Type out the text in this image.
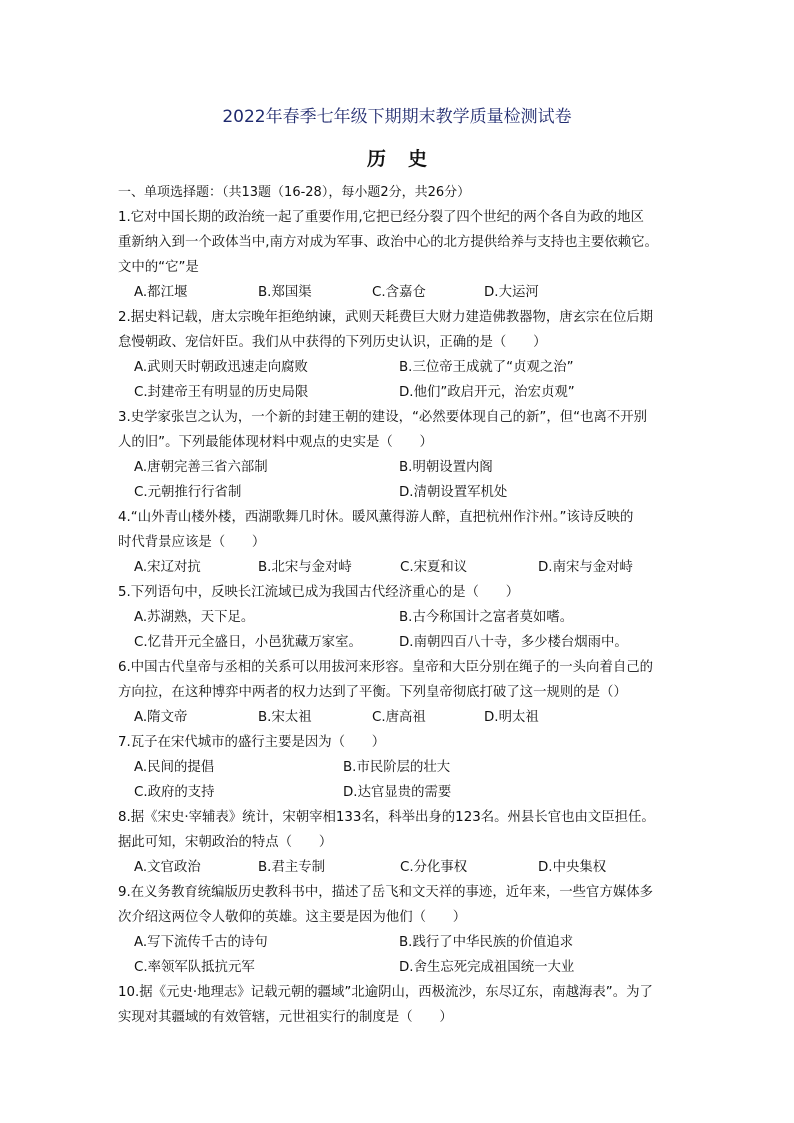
2022年春季七年级下期期末教学质量检测试卷
历史
一、单项选择题：（共13题（16-28），每小题2分，共26分）
1.它对中国长期的政治统一起了重要作用,它把已经分裂了四个世纪的两个各自为政的地区
重新纳入到一个政体当中,南方对成为军事、政治中心的北方提供给养与支持也主要依赖它。
文中的“它”是
A.都江堰	B.郑国渠	C.含嘉仓	D.大运河
2.据史料记载，唐太宗晚年拒绝纳谏，武则天耗费巨大财力建造佛教器物，唐玄宗在位后期
怠慢朝政、宠信奸臣。我们从中获得的下列历史认识，正确的是（　　）
A.武则天时朝政迅速走向腐败	B.三位帝王成就了“贞观之治”
C.封建帝王有明显的历史局限	D.他们”政启开元，治宏贞观”
3.史学家张岂之认为，一个新的封建王朝的建设，“必然要体现自己的新”，但“也离不开别
人的旧”。下列最能体现材料中观点的史实是（　　）
A.唐朝完善三省六部制	B.明朝设置内阁
C.元朝推行行省制	D.清朝设置军机处
4.“山外青山楼外楼，西湖歌舞几时休。暖风薰得游人醉，直把杭州作汴州。”该诗反映的
时代背景应该是（　　）
A.宋辽对抗	B.北宋与金对峙	C.宋夏和议	D.南宋与金对峙
5.下列语句中，反映长江流域已成为我国古代经济重心的是（　　）
A.苏湖熟，天下足。	B.古今称国计之富者莫如嗜。
C.忆昔开元全盛日，小邑犹藏万家室。	D.南朝四百八十寺，多少楼台烟雨中。
6.中国古代皇帝与丞相的关系可以用拔河来形容。皇帝和大臣分别在绳子的一头向着自己的
方向拉，在这种博弈中两者的权力达到了平衡。下列皇帝彻底打破了这一规则的是（）
A.隋文帝	B.宋太祖	C.唐高祖	D.明太祖
7.瓦子在宋代城市的盛行主要是因为（　　）
A.民间的提倡	B.市民阶层的壮大
C.政府的支持	D.达官显贵的需要
8.据《宋史·宰辅表》统计，宋朝宰相133名，科举出身的123名。州县长官也由文臣担任。
据此可知，宋朝政治的特点（　　）
A.文官政治	B.君主专制	C.分化事权	D.中央集权
9.在义务教育统编版历史教科书中，描述了岳飞和文天祥的事迹，近年来，一些官方媒体多
次介绍这两位令人敬仰的英雄。这主要是因为他们（　　）
A.写下流传千古的诗句	B.践行了中华民族的价值追求
C.率领军队抵抗元军	D.舍生忘死完成祖国统一大业
10.据《元史·地理志》记载元朝的疆域”北逾阴山，西极流沙，东尽辽东，南越海表”。为了
实现对其疆域的有效管辖，元世祖实行的制度是（　　）
